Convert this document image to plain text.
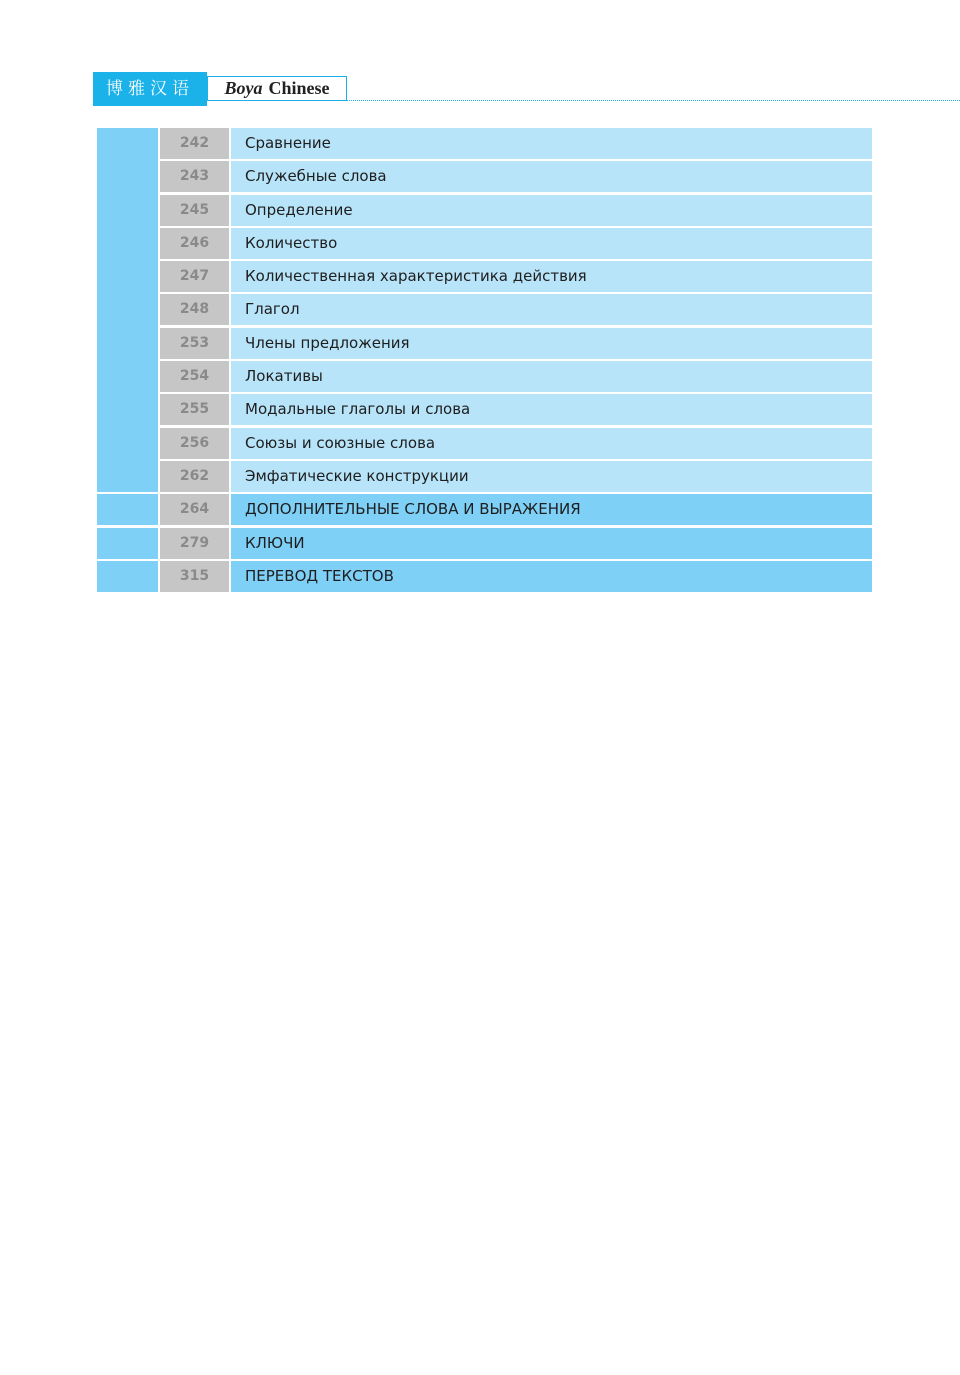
博雅汉语	Boya Chinese
242	Сравнение
243	Служебные слова
245	Определение
246	Количество
247	Количественная характеристика действия
248	Глагол
253	Члены предложения
254	Локативы
255	Модальные глаголы и слова
256	Союзы и союзные слова
262	Эмфатические конструкции
264	ДОПОЛНИТЕЛЬНЫЕ СЛОВА И ВЫРАЖЕНИЯ
279	КЛЮЧИ
315	ПЕРЕВОД ТЕКСТОВ
